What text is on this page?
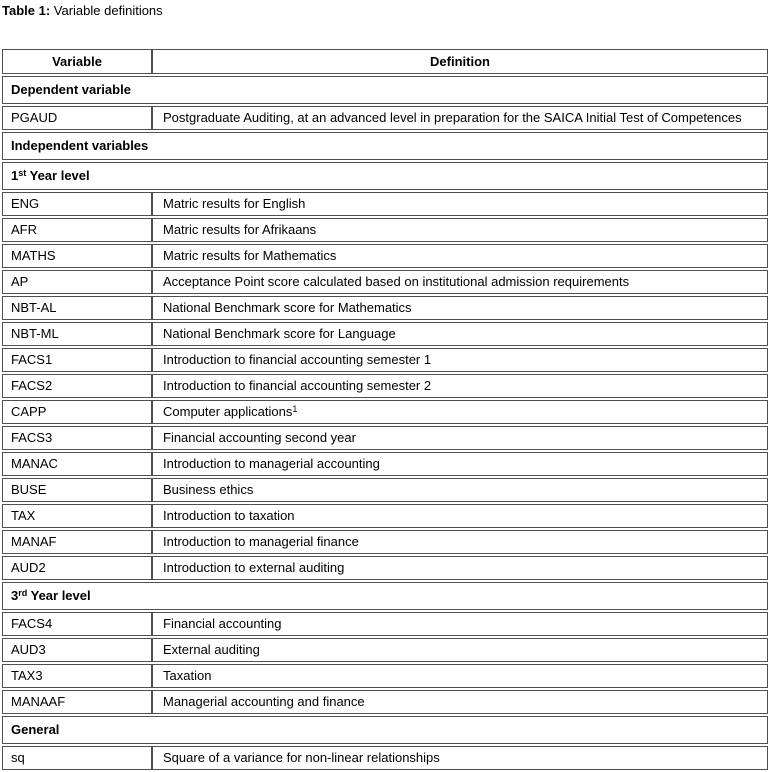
Table 1: Variable definitions

Variable	Definition
Dependent variable	
PGAUD	Postgraduate Auditing, at an advanced level in preparation for the SAICA Initial Test of Competences
Independent variables	
1st Year level	
ENG	Matric results for English
AFR	Matric results for Afrikaans
MATHS	Matric results for Mathematics
AP	Acceptance Point score calculated based on institutional admission requirements
NBT-AL	National Benchmark score for Mathematics
NBT-ML	National Benchmark score for Language
FACS1	Introduction to financial accounting semester 1
FACS2	Introduction to financial accounting semester 2
CAPP	Computer applications$^1$
FACS3	Financial accounting second year
MANAC	Introduction to managerial accounting
BUSE	Business ethics
TAX	Introduction to taxation
MANAF	Introduction to managerial finance
AUD2	Introduction to external auditing
3rd Year level	
FACS4	Financial accounting
AUD3	External auditing
TAX3	Taxation
MANAAF	Managerial accounting and finance
General	
sq	Square of a variance for non-linear relationships
